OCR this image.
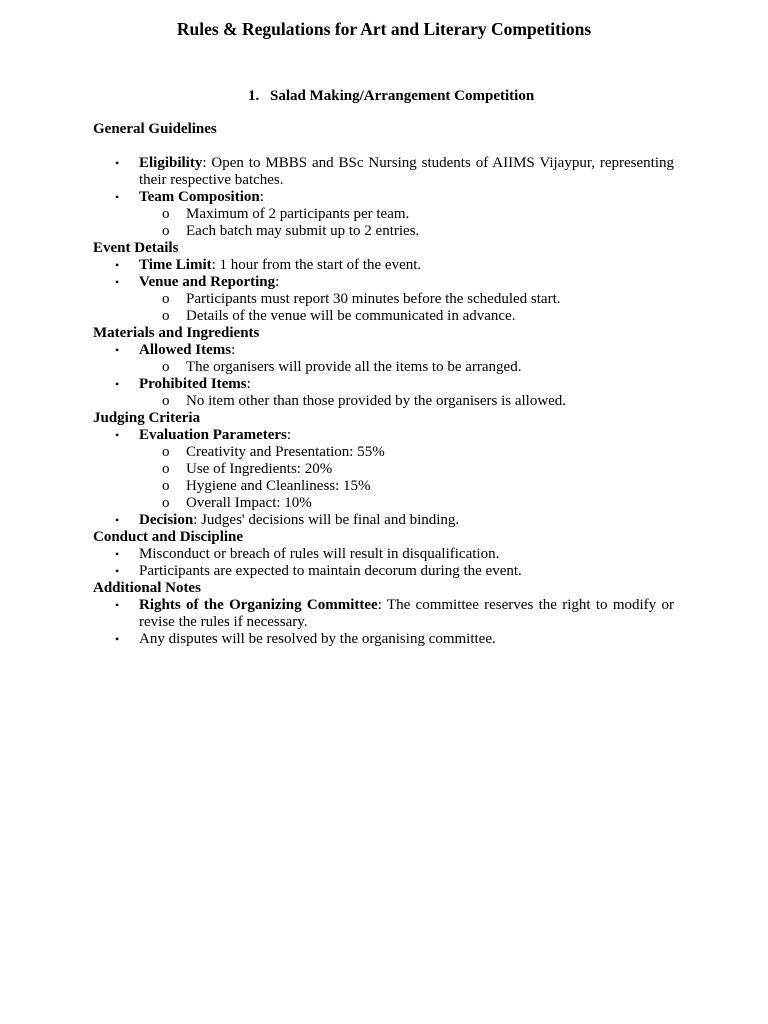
Rules & Regulations for Art and Literary Competitions
1. Salad Making/Arrangement Competition

General Guidelines

• Eligibility: Open to MBBS and BSc Nursing students of AIIMS Vijaypur, representing their respective batches.
• Team Composition:
o Maximum of 2 participants per team.
o Each batch may submit up to 2 entries.

Event Details

• Time Limit: 1 hour from the start of the event.
• Venue and Reporting:
o Participants must report 30 minutes before the scheduled start.
o Details of the venue will be communicated in advance.

Materials and Ingredients

• Allowed Items:
o The organisers will provide all the items to be arranged.
• Prohibited Items:
o No item other than those provided by the organisers is allowed.

Judging Criteria

• Evaluation Parameters:
o Creativity and Presentation: 55%
o Use of Ingredients: 20%
o Hygiene and Cleanliness: 15%
o Overall Impact: 10%
• Decision: Judges' decisions will be final and binding.

Conduct and Discipline

• Misconduct or breach of rules will result in disqualification.
• Participants are expected to maintain decorum during the event.

Additional Notes

• Rights of the Organizing Committee: The committee reserves the right to modify or revise the rules if necessary.
• Any disputes will be resolved by the organising committee.
